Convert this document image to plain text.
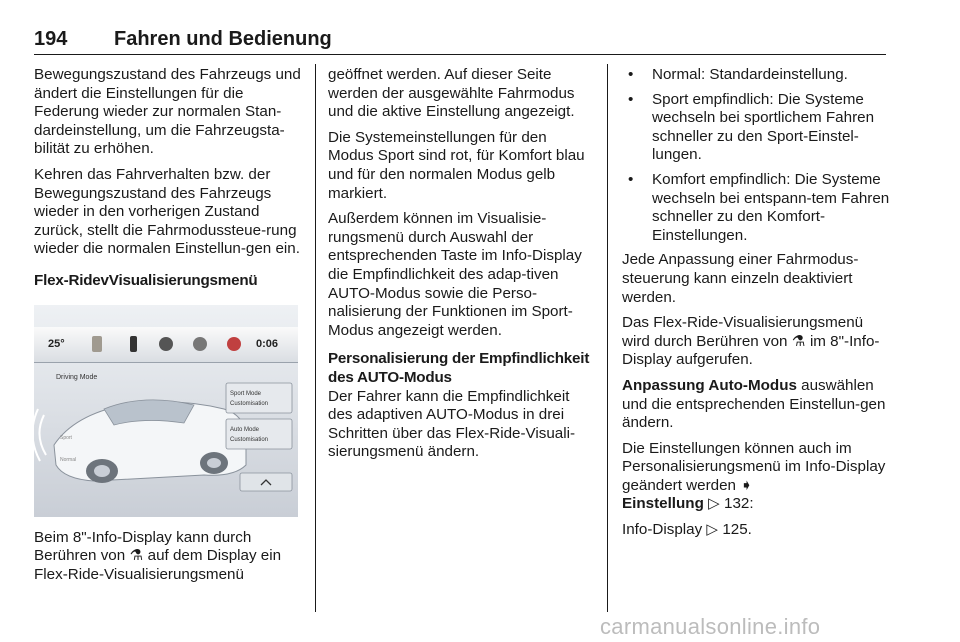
194 Fahren und Bedienung

Bewegungszustand des Fahrzeugs und ändert die Einstellungen für die Federung wieder zur normalen Stan-dardeinstellung, um die Fahrzeugsta-bilität zu erhöhen.

Kehren das Fahrverhalten bzw. der Bewegungszustand des Fahrzeugs wieder in den vorherigen Zustand zurück, stellt die Fahrmodussteue-rung wieder die normalen Einstellun-gen ein.

Flex-RidevVisualisierungsmenü

25°	0:06
Driving Mode
Sport
Normal
Sport Mode
Customisation
Auto Mode
Customisation

Beim 8"-Info-Display kann durch Berühren von ⚗ auf dem Display ein Flex-Ride-Visualisierungsmenü

geöffnet werden. Auf dieser Seite werden der ausgewählte Fahrmodus und die aktive Einstellung angezeigt.

Die Systemeinstellungen für den Modus Sport sind rot, für Komfort blau und für den normalen Modus gelb markiert.

Außerdem können im Visualisie-rungsmenü durch Auswahl der entsprechenden Taste im Info-Display die Empfindlichkeit des adap-tiven AUTO-Modus sowie die Perso-nalisierung der Funktionen im Sport-Modus angezeigt werden.

Personalisierung der Empfindlichkeit des AUTO-Modus

Der Fahrer kann die Empfindlichkeit des adaptiven AUTO-Modus in drei Schritten über das Flex-Ride-Visuali-sierungsmenü ändern.

• Normal: Standardeinstellung.
• Sport empfindlich: Die Systeme wechseln bei sportlichem Fahren schneller zu den Sport-Einstel-lungen.
• Komfort empfindlich: Die Systeme wechseln bei entspann-tem Fahren schneller zu den Komfort-Einstellungen.

Jede Anpassung einer Fahrmodus-steuerung kann einzeln deaktiviert werden.

Das Flex-Ride-Visualisierungsmenü wird durch Berühren von ⚗ im 8"-Info-Display aufgerufen.

Anpassung Auto-Modus auswählen und die entsprechenden Einstellun-gen ändern.

Die Einstellungen können auch im Personalisierungsmenü im Info-Display geändert werden ➧
Einstellung ▷ 132:

Info-Display ▷ 125.

carmanualsonline.info
